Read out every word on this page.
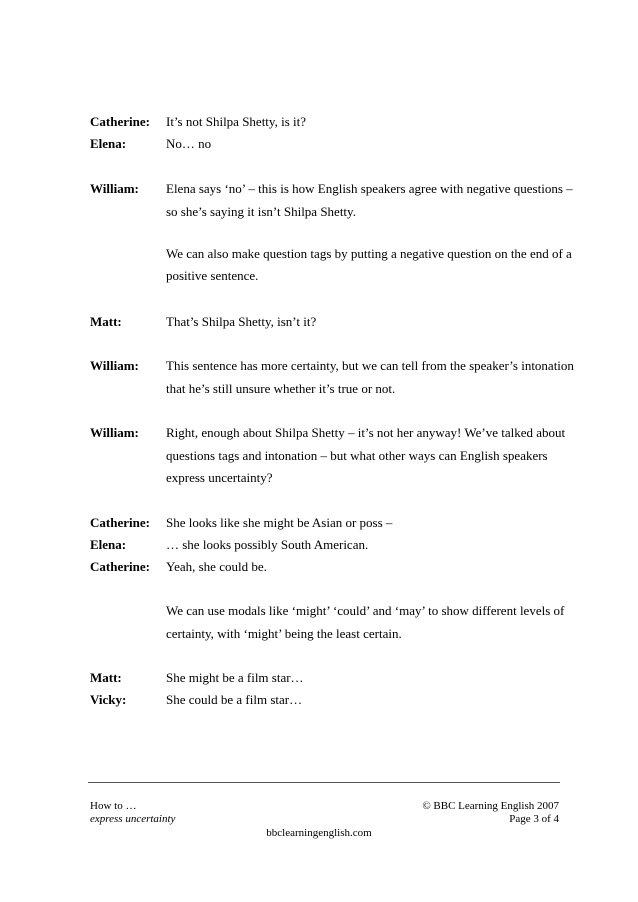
Catherine: It’s not Shilpa Shetty, is it?
Elena:	No… no
William: Elena says ‘no’ – this is how English speakers agree with negative questions –
so she’s saying it isn’t Shilpa Shetty.
We can also make question tags by putting a negative question on the end of a
positive sentence.
Matt:	That’s Shilpa Shetty, isn’t it?
William: This sentence has more certainty, but we can tell from the speaker’s intonation
that he’s still unsure whether it’s true or not.
William: Right, enough about Shilpa Shetty – it’s not her anyway! We’ve talked about
questions tags and intonation – but what other ways can English speakers
express uncertainty?
Catherine: She looks like she might be Asian or poss –
Elena:	… she looks possibly South American.
Catherine: Yeah, she could be.
We can use modals like ‘might’ ‘could’ and ‘may’ to show different levels of
certainty, with ‘might’ being the least certain.
Matt:	She might be a film star…
Vicky:	She could be a film star…
How to …
express uncertainty
© BBC Learning English 2007
Page 3 of 4
bbclearningenglish.com
